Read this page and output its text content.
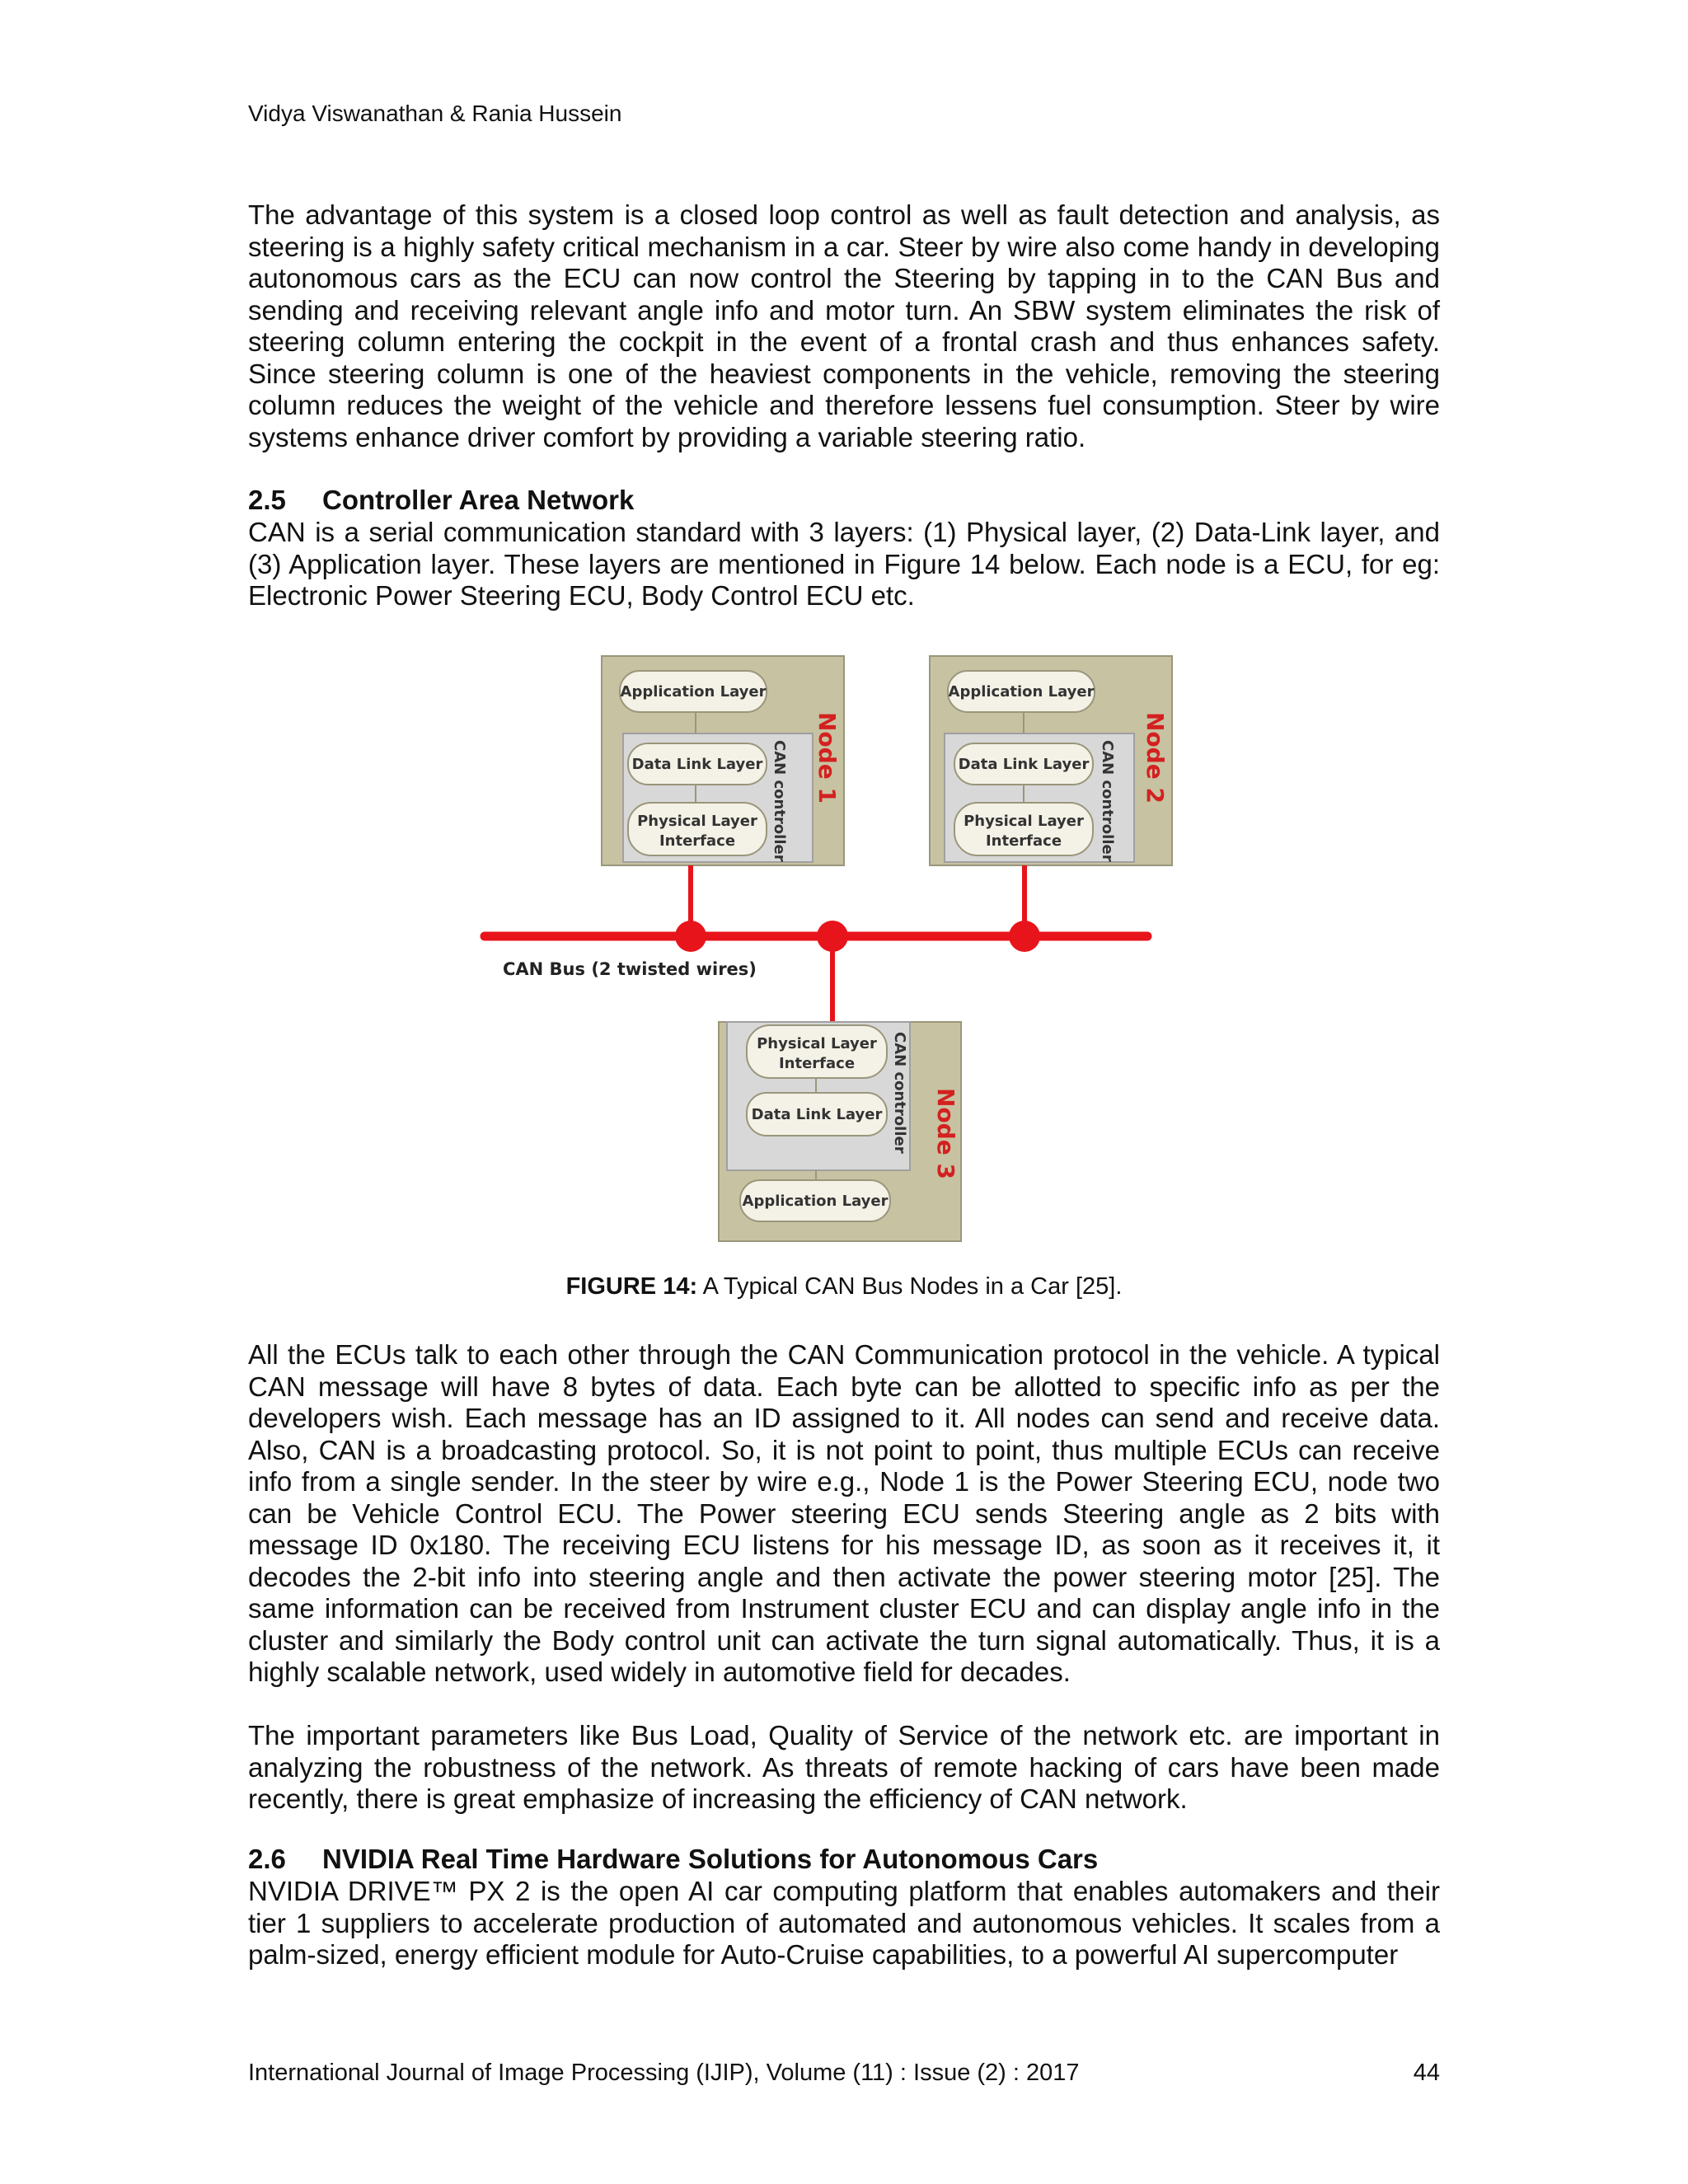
Vidya Viswanathan & Rania Hussein

The advantage of this system is a closed loop control as well as fault detection and analysis, as steering is a highly safety critical mechanism in a car. Steer by wire also come handy in developing autonomous cars as the ECU can now control the Steering by tapping in to the CAN Bus and sending and receiving relevant angle info and motor turn. An SBW system eliminates the risk of steering column entering the cockpit in the event of a frontal crash and thus enhances safety. Since steering column is one of the heaviest components in the vehicle, removing the steering column reduces the weight of the vehicle and therefore lessens fuel consumption. Steer by wire systems enhance driver comfort by providing a variable steering ratio.

2.5 Controller Area Network

CAN is a serial communication standard with 3 layers: (1) Physical layer, (2) Data-Link layer, and (3) Application layer. These layers are mentioned in Figure 14 below. Each node is a ECU, for eg: Electronic Power Steering ECU, Body Control ECU etc.

Application Layer
Data Link Layer
Physical Layer
Interface CAN controller Node 1
Application Layer
Data Link Layer
Physical Layer
Interface CAN controller Node 2
CAN Bus (2 twisted wires)
Physical Layer
Interface
Data Link Layer
Application Layer
CAN controller Node 3
FIGURE 14: A Typical CAN Bus Nodes in a Car [25].

All the ECUs talk to each other through the CAN Communication protocol in the vehicle. A typical CAN message will have 8 bytes of data. Each byte can be allotted to specific info as per the developers wish. Each message has an ID assigned to it. All nodes can send and receive data. Also, CAN is a broadcasting protocol. So, it is not point to point, thus multiple ECUs can receive info from a single sender. In the steer by wire e.g., Node 1 is the Power Steering ECU, node two can be Vehicle Control ECU. The Power steering ECU sends Steering angle as 2 bits with message ID 0x180. The receiving ECU listens for his message ID, as soon as it receives it, it decodes the 2-bit info into steering angle and then activate the power steering motor [25]. The same information can be received from Instrument cluster ECU and can display angle info in the cluster and similarly the Body control unit can activate the turn signal automatically. Thus, it is a highly scalable network, used widely in automotive field for decades.

The important parameters like Bus Load, Quality of Service of the network etc. are important in analyzing the robustness of the network. As threats of remote hacking of cars have been made recently, there is great emphasize of increasing the efficiency of CAN network.

2.6 NVIDIA Real Time Hardware Solutions for Autonomous Cars

NVIDIA DRIVE™ PX 2 is the open AI car computing platform that enables automakers and their tier 1 suppliers to accelerate production of automated and autonomous vehicles. It scales from a palm-sized, energy efficient module for Auto-Cruise capabilities, to a powerful AI supercomputer

International Journal of Image Processing (IJIP), Volume (11) : Issue (2) : 2017	44
